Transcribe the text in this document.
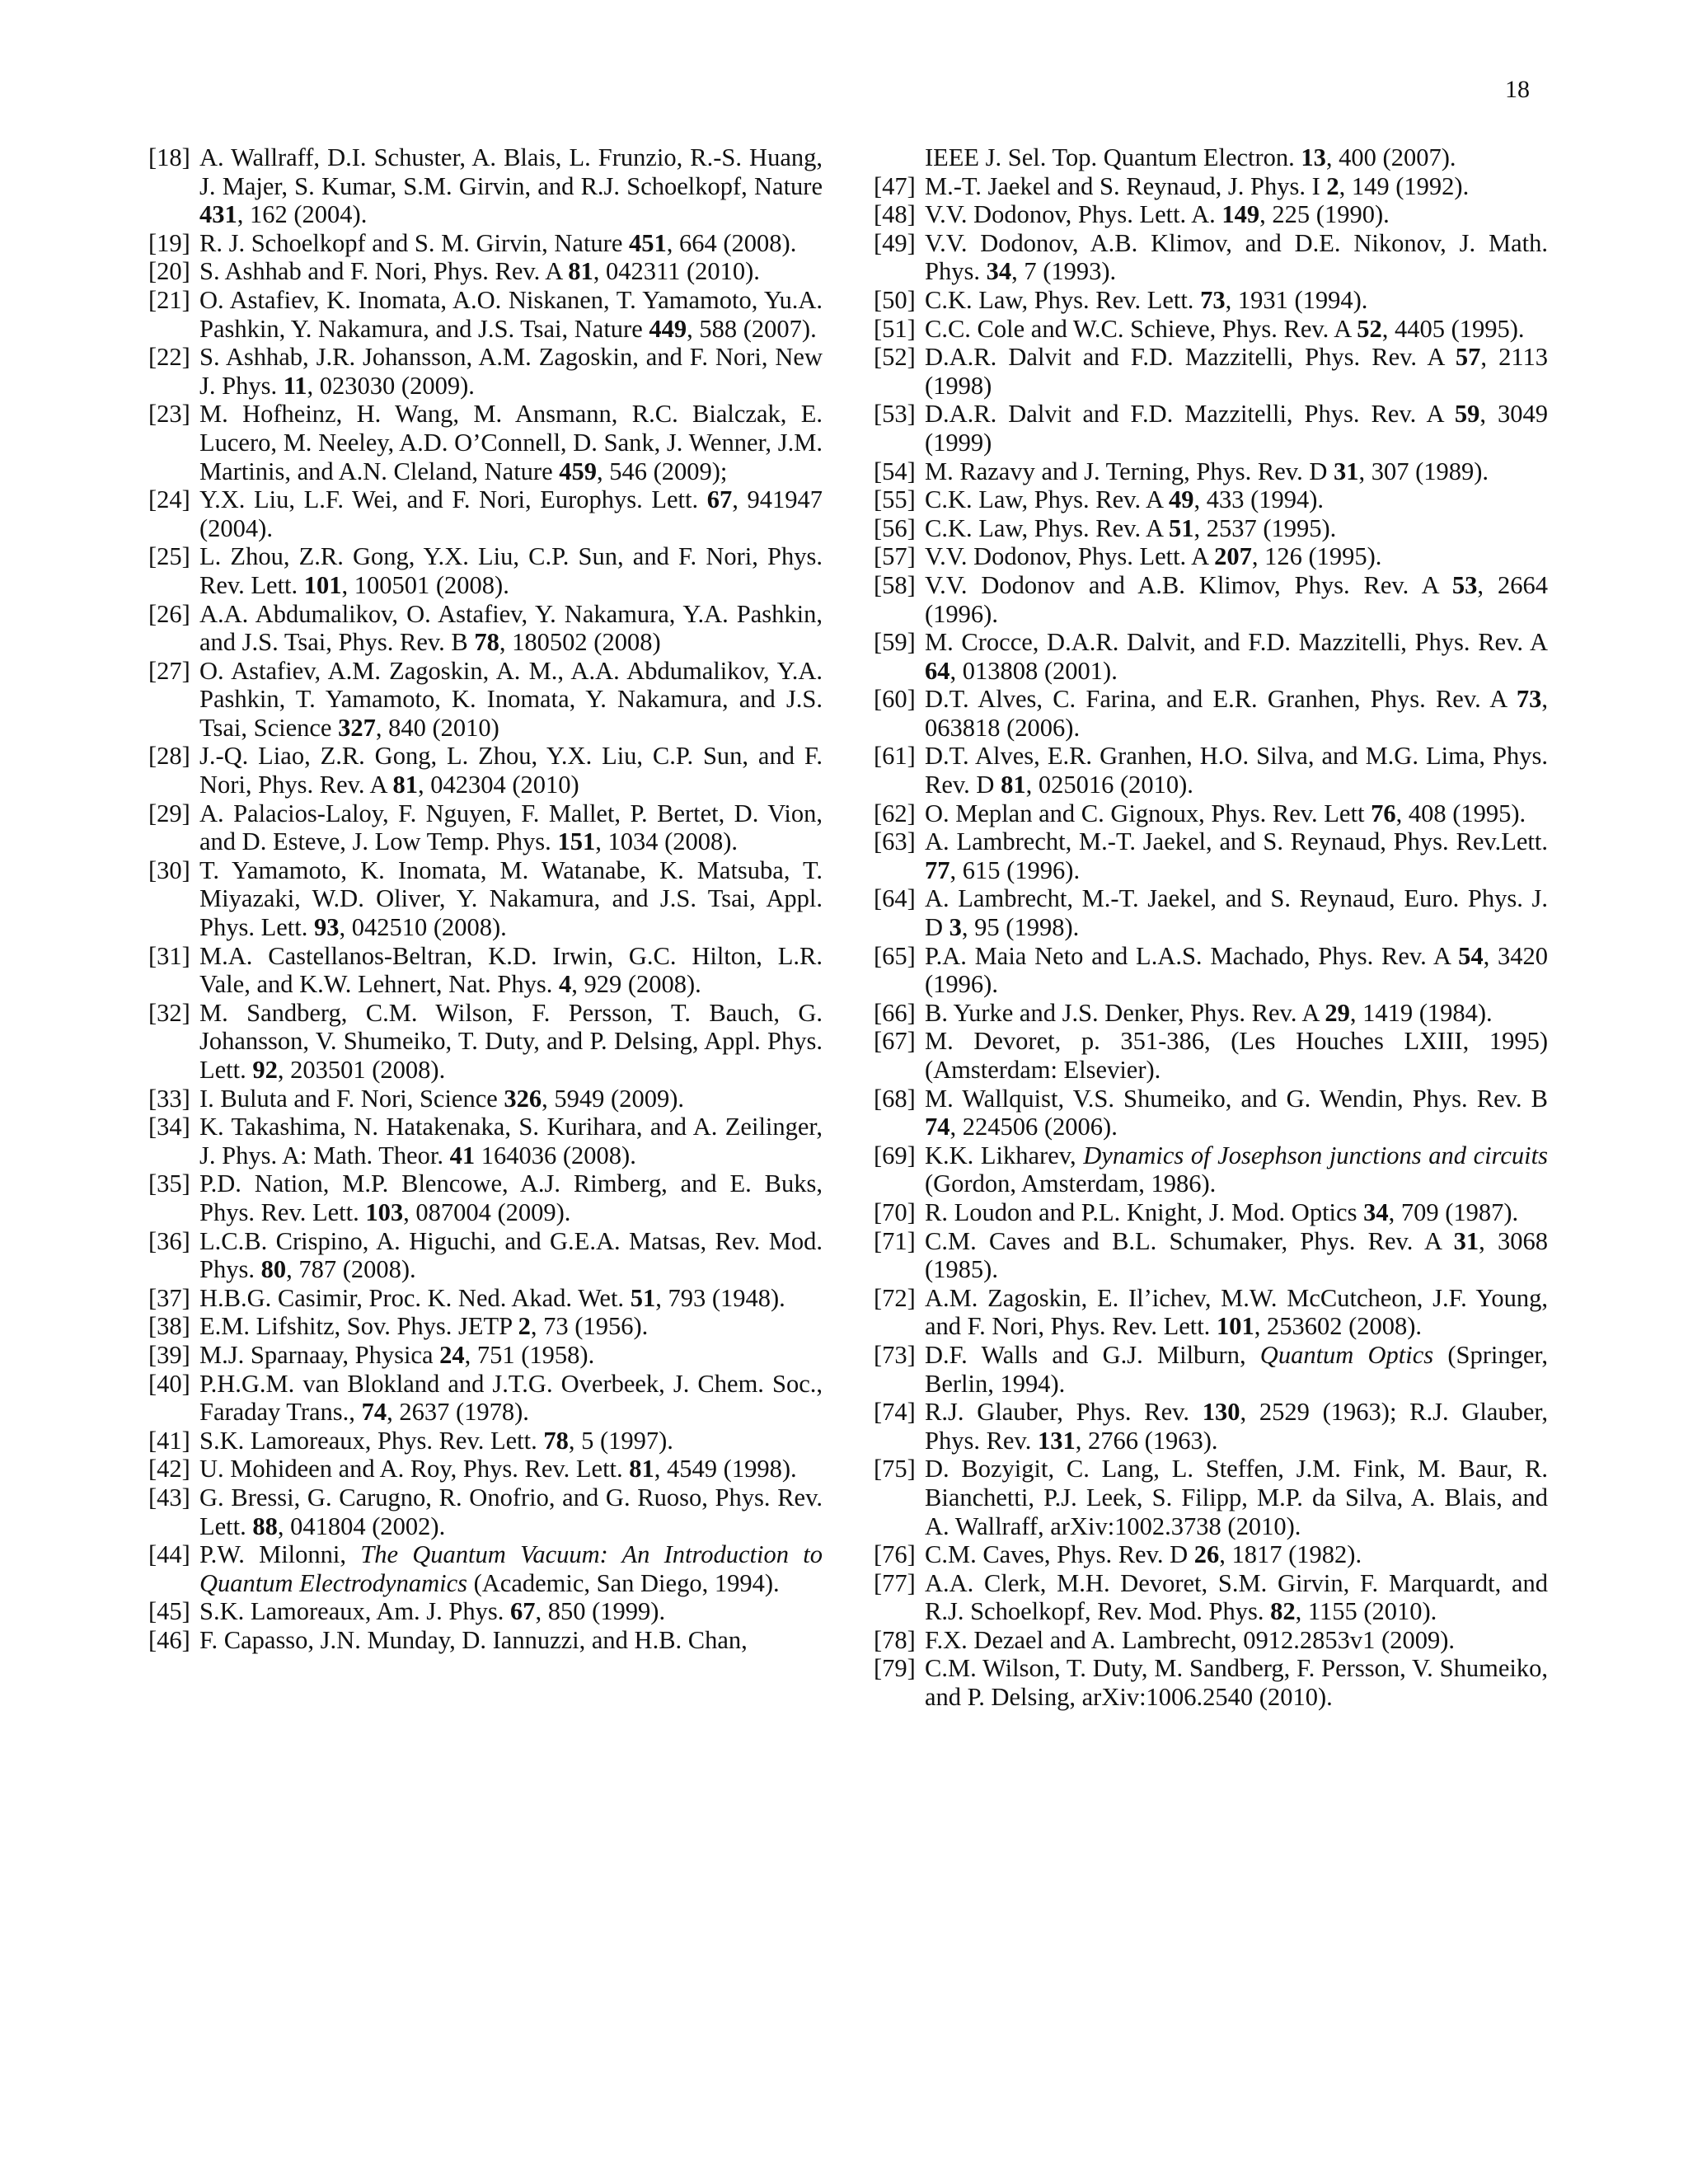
18
[18] A. Wallraff, D.I. Schuster, A. Blais, L. Frunzio, R.-S. Huang, J. Majer, S. Kumar, S.M. Girvin, and R.J. Schoelkopf, Nature 431, 162 (2004).
[19] R. J. Schoelkopf and S. M. Girvin, Nature 451, 664 (2008).
[20] S. Ashhab and F. Nori, Phys. Rev. A 81, 042311 (2010).
[21] O. Astafiev, K. Inomata, A.O. Niskanen, T. Yamamoto, Yu.A. Pashkin, Y. Nakamura, and J.S. Tsai, Nature 449, 588 (2007).
[22] S. Ashhab, J.R. Johansson, A.M. Zagoskin, and F. Nori, New J. Phys. 11, 023030 (2009).
[23] M. Hofheinz, H. Wang, M. Ansmann, R.C. Bialczak, E. Lucero, M. Neeley, A.D. O’Connell, D. Sank, J. Wenner, J.M. Martinis, and A.N. Cleland, Nature 459, 546 (2009);
[24] Y.X. Liu, L.F. Wei, and F. Nori, Europhys. Lett. 67, 941947 (2004).
[25] L. Zhou, Z.R. Gong, Y.X. Liu, C.P. Sun, and F. Nori, Phys. Rev. Lett. 101, 100501 (2008).
[26] A.A. Abdumalikov, O. Astafiev, Y. Nakamura, Y.A. Pashkin, and J.S. Tsai, Phys. Rev. B 78, 180502 (2008)
[27] O. Astafiev, A.M. Zagoskin, A. M., A.A. Abdumalikov, Y.A. Pashkin, T. Yamamoto, K. Inomata, Y. Nakamura, and J.S. Tsai, Science 327, 840 (2010)
[28] J.-Q. Liao, Z.R. Gong, L. Zhou, Y.X. Liu, C.P. Sun, and F. Nori, Phys. Rev. A 81, 042304 (2010)
[29] A. Palacios-Laloy, F. Nguyen, F. Mallet, P. Bertet, D. Vion, and D. Esteve, J. Low Temp. Phys. 151, 1034 (2008).
[30] T. Yamamoto, K. Inomata, M. Watanabe, K. Matsuba, T. Miyazaki, W.D. Oliver, Y. Nakamura, and J.S. Tsai, Appl. Phys. Lett. 93, 042510 (2008).
[31] M.A. Castellanos-Beltran, K.D. Irwin, G.C. Hilton, L.R. Vale, and K.W. Lehnert, Nat. Phys. 4, 929 (2008).
[32] M. Sandberg, C.M. Wilson, F. Persson, T. Bauch, G. Johansson, V. Shumeiko, T. Duty, and P. Delsing, Appl. Phys. Lett. 92, 203501 (2008).
[33] I. Buluta and F. Nori, Science 326, 5949 (2009).
[34] K. Takashima, N. Hatakenaka, S. Kurihara, and A. Zeilinger, J. Phys. A: Math. Theor. 41 164036 (2008).
[35] P.D. Nation, M.P. Blencowe, A.J. Rimberg, and E. Buks, Phys. Rev. Lett. 103, 087004 (2009).
[36] L.C.B. Crispino, A. Higuchi, and G.E.A. Matsas, Rev. Mod. Phys. 80, 787 (2008).
[37] H.B.G. Casimir, Proc. K. Ned. Akad. Wet. 51, 793 (1948).
[38] E.M. Lifshitz, Sov. Phys. JETP 2, 73 (1956).
[39] M.J. Sparnaay, Physica 24, 751 (1958).
[40] P.H.G.M. van Blokland and J.T.G. Overbeek, J. Chem. Soc., Faraday Trans., 74, 2637 (1978).
[41] S.K. Lamoreaux, Phys. Rev. Lett. 78, 5 (1997).
[42] U. Mohideen and A. Roy, Phys. Rev. Lett. 81, 4549 (1998).
[43] G. Bressi, G. Carugno, R. Onofrio, and G. Ruoso, Phys. Rev. Lett. 88, 041804 (2002).
[44] P.W. Milonni, The Quantum Vacuum: An Introduction to Quantum Electrodynamics (Academic, San Diego, 1994).
[45] S.K. Lamoreaux, Am. J. Phys. 67, 850 (1999).
[46] F. Capasso, J.N. Munday, D. Iannuzzi, and H.B. Chan,
IEEE J. Sel. Top. Quantum Electron. 13, 400 (2007).
[47] M.-T. Jaekel and S. Reynaud, J. Phys. I 2, 149 (1992).
[48] V.V. Dodonov, Phys. Lett. A. 149, 225 (1990).
[49] V.V. Dodonov, A.B. Klimov, and D.E. Nikonov, J. Math. Phys. 34, 7 (1993).
[50] C.K. Law, Phys. Rev. Lett. 73, 1931 (1994).
[51] C.C. Cole and W.C. Schieve, Phys. Rev. A 52, 4405 (1995).
[52] D.A.R. Dalvit and F.D. Mazzitelli, Phys. Rev. A 57, 2113 (1998)
[53] D.A.R. Dalvit and F.D. Mazzitelli, Phys. Rev. A 59, 3049 (1999)
[54] M. Razavy and J. Terning, Phys. Rev. D 31, 307 (1989).
[55] C.K. Law, Phys. Rev. A 49, 433 (1994).
[56] C.K. Law, Phys. Rev. A 51, 2537 (1995).
[57] V.V. Dodonov, Phys. Lett. A 207, 126 (1995).
[58] V.V. Dodonov and A.B. Klimov, Phys. Rev. A 53, 2664 (1996).
[59] M. Crocce, D.A.R. Dalvit, and F.D. Mazzitelli, Phys. Rev. A 64, 013808 (2001).
[60] D.T. Alves, C. Farina, and E.R. Granhen, Phys. Rev. A 73, 063818 (2006).
[61] D.T. Alves, E.R. Granhen, H.O. Silva, and M.G. Lima, Phys. Rev. D 81, 025016 (2010).
[62] O. Meplan and C. Gignoux, Phys. Rev. Lett 76, 408 (1995).
[63] A. Lambrecht, M.-T. Jaekel, and S. Reynaud, Phys. Rev.Lett. 77, 615 (1996).
[64] A. Lambrecht, M.-T. Jaekel, and S. Reynaud, Euro. Phys. J. D 3, 95 (1998).
[65] P.A. Maia Neto and L.A.S. Machado, Phys. Rev. A 54, 3420 (1996).
[66] B. Yurke and J.S. Denker, Phys. Rev. A 29, 1419 (1984).
[67] M. Devoret, p. 351-386, (Les Houches LXIII, 1995) (Amsterdam: Elsevier).
[68] M. Wallquist, V.S. Shumeiko, and G. Wendin, Phys. Rev. B 74, 224506 (2006).
[69] K.K. Likharev, Dynamics of Josephson junctions and circuits (Gordon, Amsterdam, 1986).
[70] R. Loudon and P.L. Knight, J. Mod. Optics 34, 709 (1987).
[71] C.M. Caves and B.L. Schumaker, Phys. Rev. A 31, 3068 (1985).
[72] A.M. Zagoskin, E. Il’ichev, M.W. McCutcheon, J.F. Young, and F. Nori, Phys. Rev. Lett. 101, 253602 (2008).
[73] D.F. Walls and G.J. Milburn, Quantum Optics (Springer, Berlin, 1994).
[74] R.J. Glauber, Phys. Rev. 130, 2529 (1963); R.J. Glauber, Phys. Rev. 131, 2766 (1963).
[75] D. Bozyigit, C. Lang, L. Steffen, J.M. Fink, M. Baur, R. Bianchetti, P.J. Leek, S. Filipp, M.P. da Silva, A. Blais, and A. Wallraff, arXiv:1002.3738 (2010).
[76] C.M. Caves, Phys. Rev. D 26, 1817 (1982).
[77] A.A. Clerk, M.H. Devoret, S.M. Girvin, F. Marquardt, and R.J. Schoelkopf, Rev. Mod. Phys. 82, 1155 (2010).
[78] F.X. Dezael and A. Lambrecht, 0912.2853v1 (2009).
[79] C.M. Wilson, T. Duty, M. Sandberg, F. Persson, V. Shumeiko, and P. Delsing, arXiv:1006.2540 (2010).
